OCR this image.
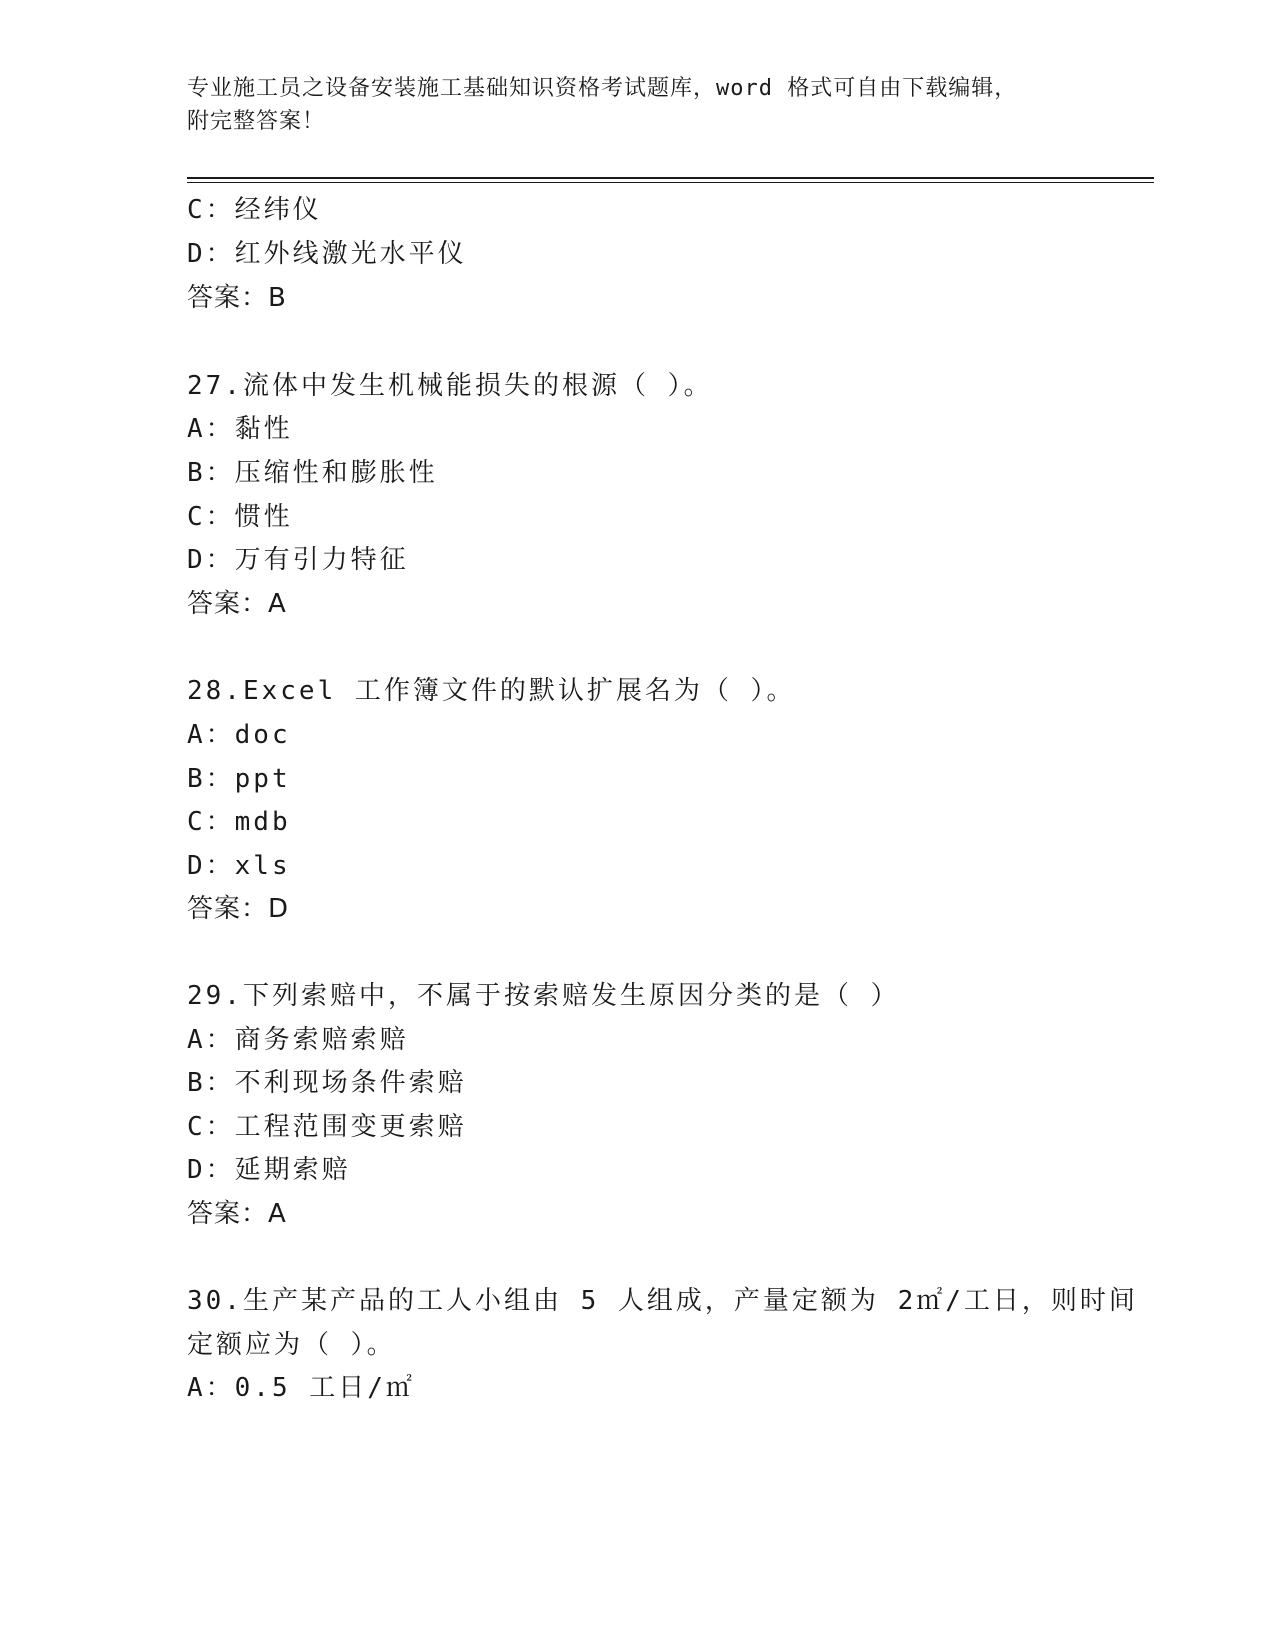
专业施工员之设备安装施工基础知识资格考试题库，word 格式可自由下载编辑，
附完整答案！
C：经纬仪
D：红外线激光水平仪
答案：B
27.流体中发生机械能损失的根源（ ）。
A：黏性
B：压缩性和膨胀性
C：惯性
D：万有引力特征
答案：A
28.Excel 工作簿文件的默认扩展名为（ ）。
A：doc
B：ppt
C：mdb
D：xls
答案：D
29.下列索赔中，不属于按索赔发生原因分类的是（ ）
A：商务索赔索赔
B：不利现场条件索赔
C：工程范围变更索赔
D：延期索赔
答案：A
30.生产某产品的工人小组由 5 人组成，产量定额为 2㎡/工日，则时间
定额应为（ ）。
A：0.5 工日/㎡
